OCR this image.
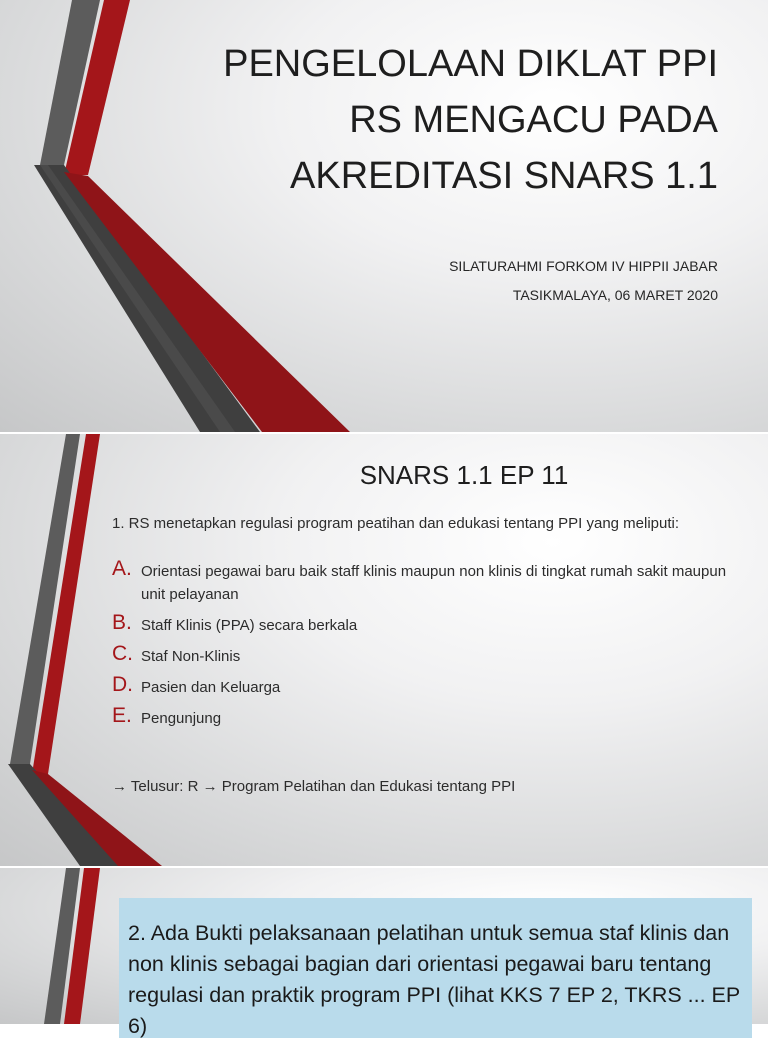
PENGELOLAAN DIKLAT PPI
RS MENGACU PADA
AKREDITASI SNARS 1.1

SILATURAHMI FORKOM IV HIPPII JABAR

TASIKMALAYA, 06 MARET 2020

SNARS 1.1 EP 11

1. RS menetapkan regulasi program peatihan dan edukasi tentang PPI yang meliputi:

A. Orientasi pegawai baru baik staff klinis maupun non klinis di tingkat rumah sakit maupun unit pelayanan
B. Staff Klinis (PPA) secara berkala
C. Staf Non-Klinis
D. Pasien dan Keluarga
E. Pengunjung

→ Telusur: R → Program Pelatihan dan Edukasi tentang PPI

2. Ada Bukti pelaksanaan pelatihan untuk semua staf klinis dan non klinis sebagai bagian dari orientasi pegawai baru tentang regulasi dan praktik program PPI (lihat KKS 7 EP 2, TKRS ... EP 6)
